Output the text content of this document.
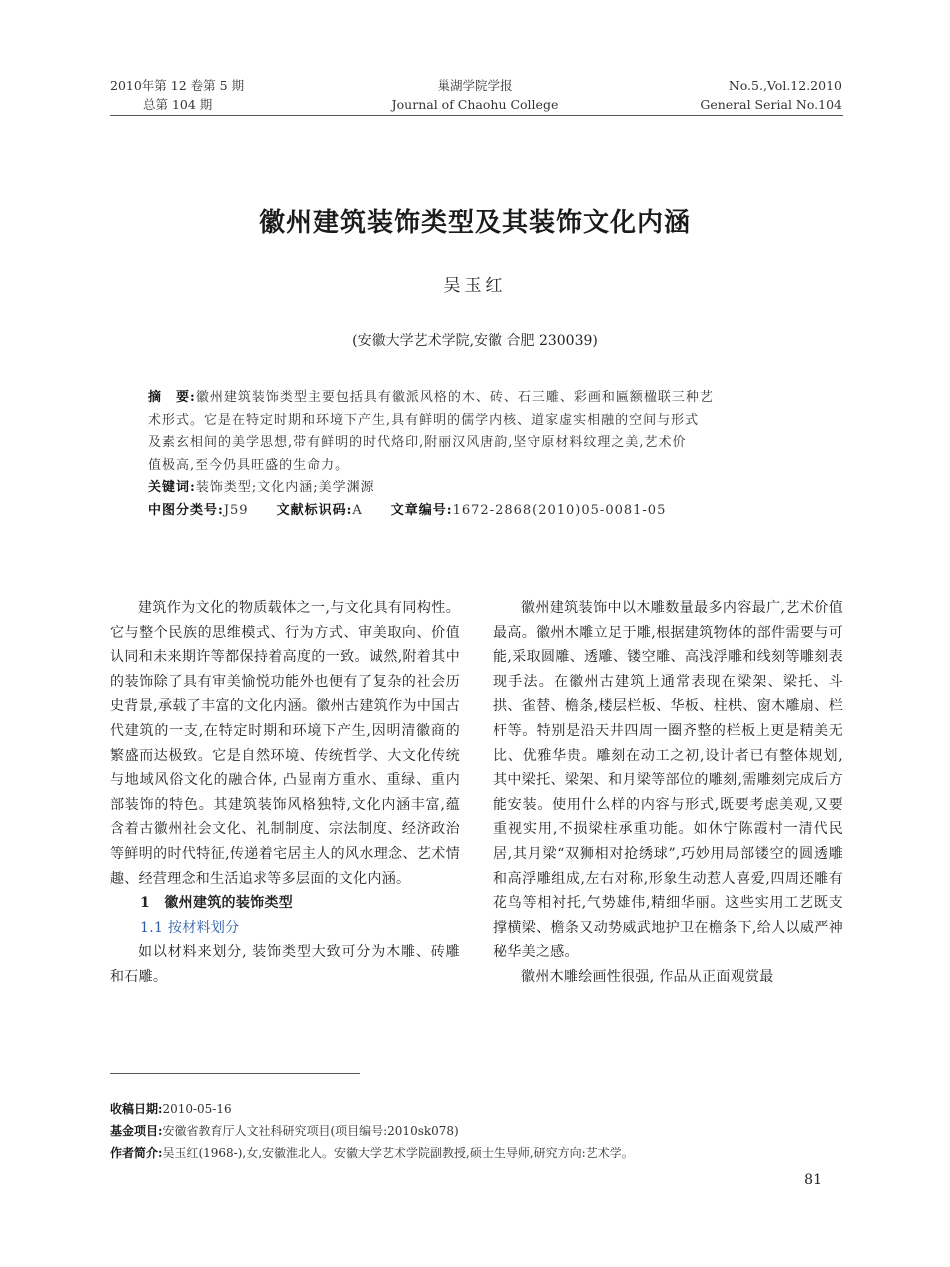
2010年第 12 卷第 5 期
总第 104 期
巢湖学院学报
Journal of Chaohu College
No.5.,Vol.12.2010
General Serial No.104
徽州建筑装饰类型及其装饰文化内涵
吴玉红
(安徽大学艺术学院,安徽 合肥 230039)
摘　要:徽州建筑装饰类型主要包括具有徽派风格的木、砖、石三雕、彩画和匾额楹联三种艺
术形式。它是在特定时期和环境下产生,具有鲜明的儒学内核、道家虚实相融的空间与形式
及素玄相间的美学思想,带有鲜明的时代烙印,附丽汉风唐韵,坚守原材料纹理之美,艺术价
值极高,至今仍具旺盛的生命力。
关键词:装饰类型;文化内涵;美学渊源
中图分类号:J59 文献标识码:A 文章编号:1672-2868(2010)05-0081-05

建筑作为文化的物质载体之一,与文化具有同构性。它与整个民族的思维模式、行为方式、审美取向、价值认同和未来期许等都保持着高度的一致。诚然,附着其中的装饰除了具有审美愉悦功能外也便有了复杂的社会历史背景,承载了丰富的文化内涵。徽州古建筑作为中国古代建筑的一支,在特定时期和环境下产生,因明清徽商的繁盛而达极致。它是自然环境、传统哲学、大文化传统与地域风俗文化的融合体, 凸显南方重水、重绿、重内部装饰的特色。其建筑装饰风格独特,文化内涵丰富,蕴含着古徽州社会文化、礼制制度、宗法制度、经济政治等鲜明的时代特征,传递着宅居主人的风水理念、艺术情趣、经营理念和生活追求等多层面的文化内涵。

1　徽州建筑的装饰类型
1.1 按材料划分

如以材料来划分, 装饰类型大致可分为木雕、砖雕和石雕。

徽州建筑装饰中以木雕数量最多内容最广,艺术价值最高。徽州木雕立足于雕,根据建筑物体的部件需要与可能,采取圆雕、透雕、镂空雕、高浅浮雕和线刻等雕刻表现手法。在徽州古建筑上通常表现在梁架、梁托、斗拱、雀替、檐条,楼层栏板、华板、柱栱、窗木雕扇、栏杆等。特别是沿天井四周一圈齐整的栏板上更是精美无比、优雅华贵。雕刻在动工之初,设计者已有整体规划,其中梁托、梁架、和月梁等部位的雕刻,需雕刻完成后方能安装。使用什么样的内容与形式,既要考虑美观,又要重视实用,不损梁柱承重功能。如休宁陈霞村一清代民居,其月梁“双狮相对抢绣球”,巧妙用局部镂空的圆透雕和高浮雕组成,左右对称,形象生动惹人喜爱,四周还雕有花鸟等相衬托,气势雄伟,精细华丽。这些实用工艺既支撑横梁、檐条又动势威武地护卫在檐条下,给人以威严神秘华美之感。

徽州木雕绘画性很强, 作品从正面观赏最

收稿日期:2010-05-16
基金项目:安徽省教育厅人文社科研究项目(项目编号:2010sk078)
作者简介:吴玉红(1968-),女,安徽淮北人。安徽大学艺术学院副教授,硕士生导师,研究方向:艺术学。
81
